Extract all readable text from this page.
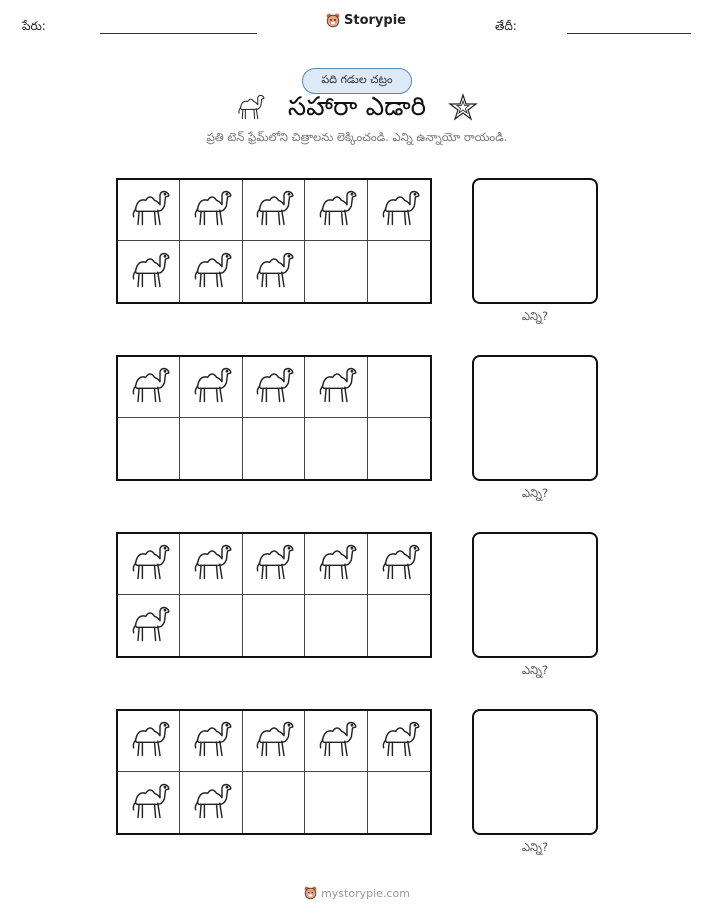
పేరు:	Storypie	తేదీ:
పది గడుల చట్రం
సహారా ఎడారి
ప్రతి టెన్ ఫ్రేమ్‌లోని చిత్రాలను లెక్కించండి. ఎన్ని ఉన్నాయో రాయండి.
ఎన్ని?
ఎన్ని?
ఎన్ని?
ఎన్ని?
mystorypie.com
